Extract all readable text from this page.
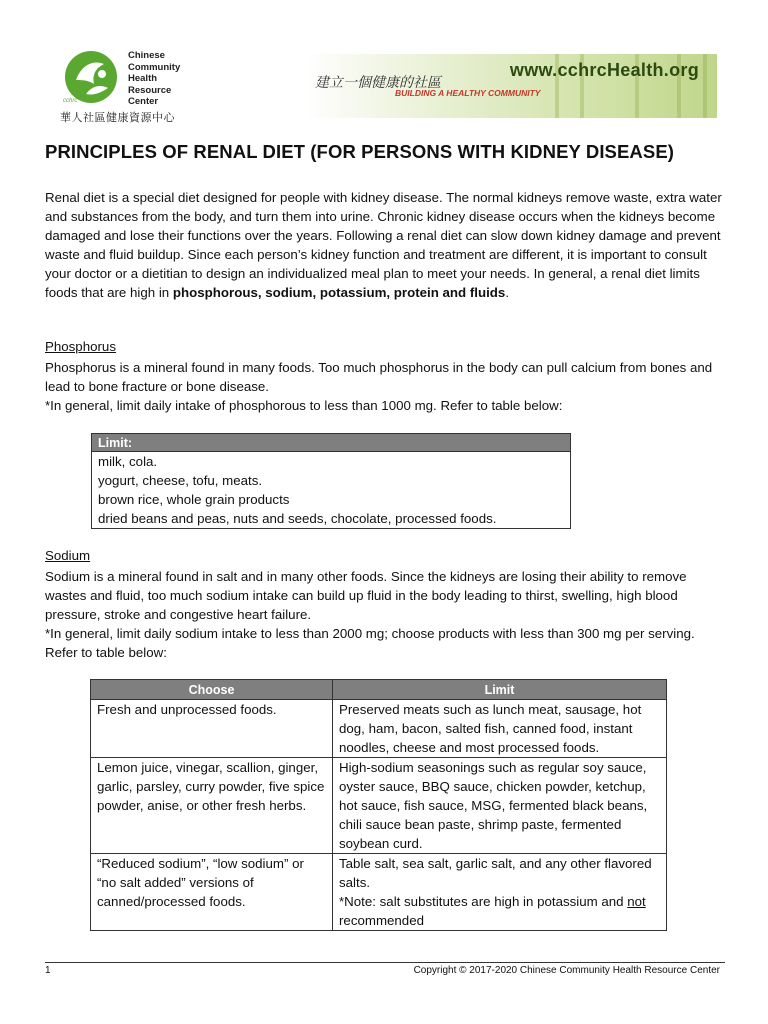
Chinese
Community
Health
Resource
Center
cchrc
華人社區健康資源中心
建立一個健康的社區
BUILDING A HEALTHY COMMUNITY
www.cchrcHealth.org
PRINCIPLES OF RENAL DIET (FOR PERSONS WITH KIDNEY DISEASE)
Renal diet is a special diet designed for people with kidney disease. The normal kidneys remove waste, extra water and substances from the body, and turn them into urine. Chronic kidney disease occurs when the kidneys become damaged and lose their functions over the years. Following a renal diet can slow down kidney damage and prevent waste and fluid buildup. Since each person’s kidney function and treatment are different, it is important to consult your doctor or a dietitian to design an individualized meal plan to meet your needs. In general, a renal diet limits foods that are high in phosphorous, sodium, potassium, protein and fluids.
Phosphorus
Phosphorus is a mineral found in many foods. Too much phosphorus in the body can pull calcium from bones and lead to bone fracture or bone disease.
*In general, limit daily intake of phosphorous to less than 1000 mg. Refer to table below:
Limit:
milk, cola.
yogurt, cheese, tofu, meats.
brown rice, whole grain products
dried beans and peas, nuts and seeds, chocolate, processed foods.
Sodium
Sodium is a mineral found in salt and in many other foods. Since the kidneys are losing their ability to remove wastes and fluid, too much sodium intake can build up fluid in the body leading to thirst, swelling, high blood pressure, stroke and congestive heart failure.
*In general, limit daily sodium intake to less than 2000 mg; choose products with less than 300 mg per serving. Refer to table below:
Choose	Limit
Fresh and unprocessed foods.	Preserved meats such as lunch meat, sausage, hot dog, ham, bacon, salted fish, canned food, instant noodles, cheese and most processed foods.
Lemon juice, vinegar, scallion, ginger, garlic, parsley, curry powder, five spice powder, anise, or other fresh herbs.	High-sodium seasonings such as regular soy sauce, oyster sauce, BBQ sauce, chicken powder, ketchup, hot sauce, fish sauce, MSG, fermented black beans, chili sauce bean paste, shrimp paste, fermented soybean curd.
“Reduced sodium”, “low sodium” or “no salt added” versions of canned/processed foods.	Table salt, sea salt, garlic salt, and any other flavored salts.
*Note: salt substitutes are high in potassium and not recommended
1	Copyright © 2017-2020 Chinese Community Health Resource Center
